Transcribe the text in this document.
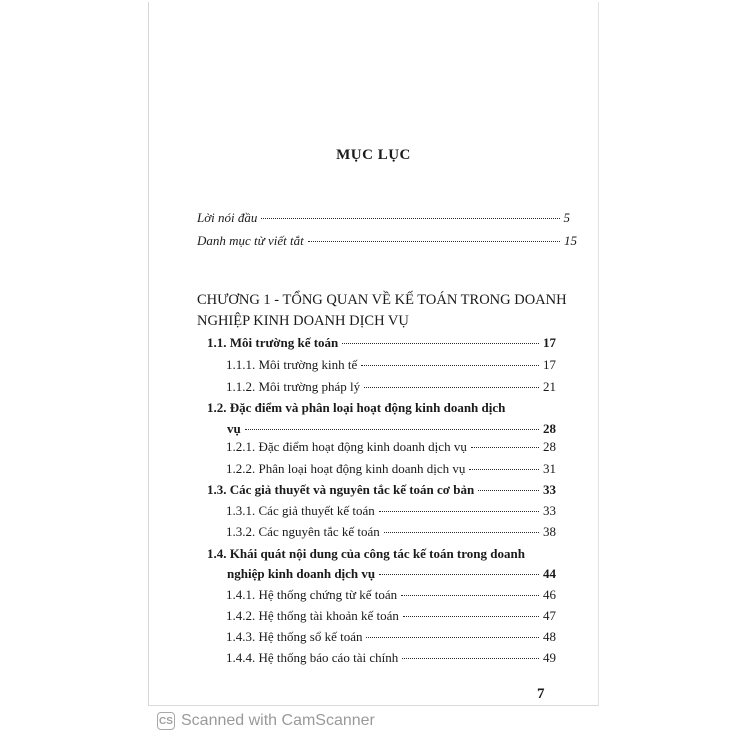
MỤC LỤC
Lời nói đầu	5
Danh mục từ viết tắt	15
CHƯƠNG 1 - TỔNG QUAN VỀ KẾ TOÁN TRONG DOANH
NGHIỆP KINH DOANH DỊCH VỤ
1.1. Môi trường kế toán	17
1.1.1. Môi trường kinh tế	17
1.1.2. Môi trường pháp lý	21
1.2. Đặc điểm và phân loại hoạt động kinh doanh dịch
vụ	28
1.2.1. Đặc điểm hoạt động kinh doanh dịch vụ	28
1.2.2. Phân loại hoạt động kinh doanh dịch vụ	31
1.3. Các giả thuyết và nguyên tắc kế toán cơ bản	33
1.3.1. Các giả thuyết kế toán	33
1.3.2. Các nguyên tắc kế toán	38
1.4. Khái quát nội dung của công tác kế toán trong doanh
nghiệp kinh doanh dịch vụ	44
1.4.1. Hệ thống chứng từ kế toán	46
1.4.2. Hệ thống tài khoản kế toán	47
1.4.3. Hệ thống sổ kế toán	48
1.4.4. Hệ thống báo cáo tài chính	49
7
CS Scanned with CamScanner
